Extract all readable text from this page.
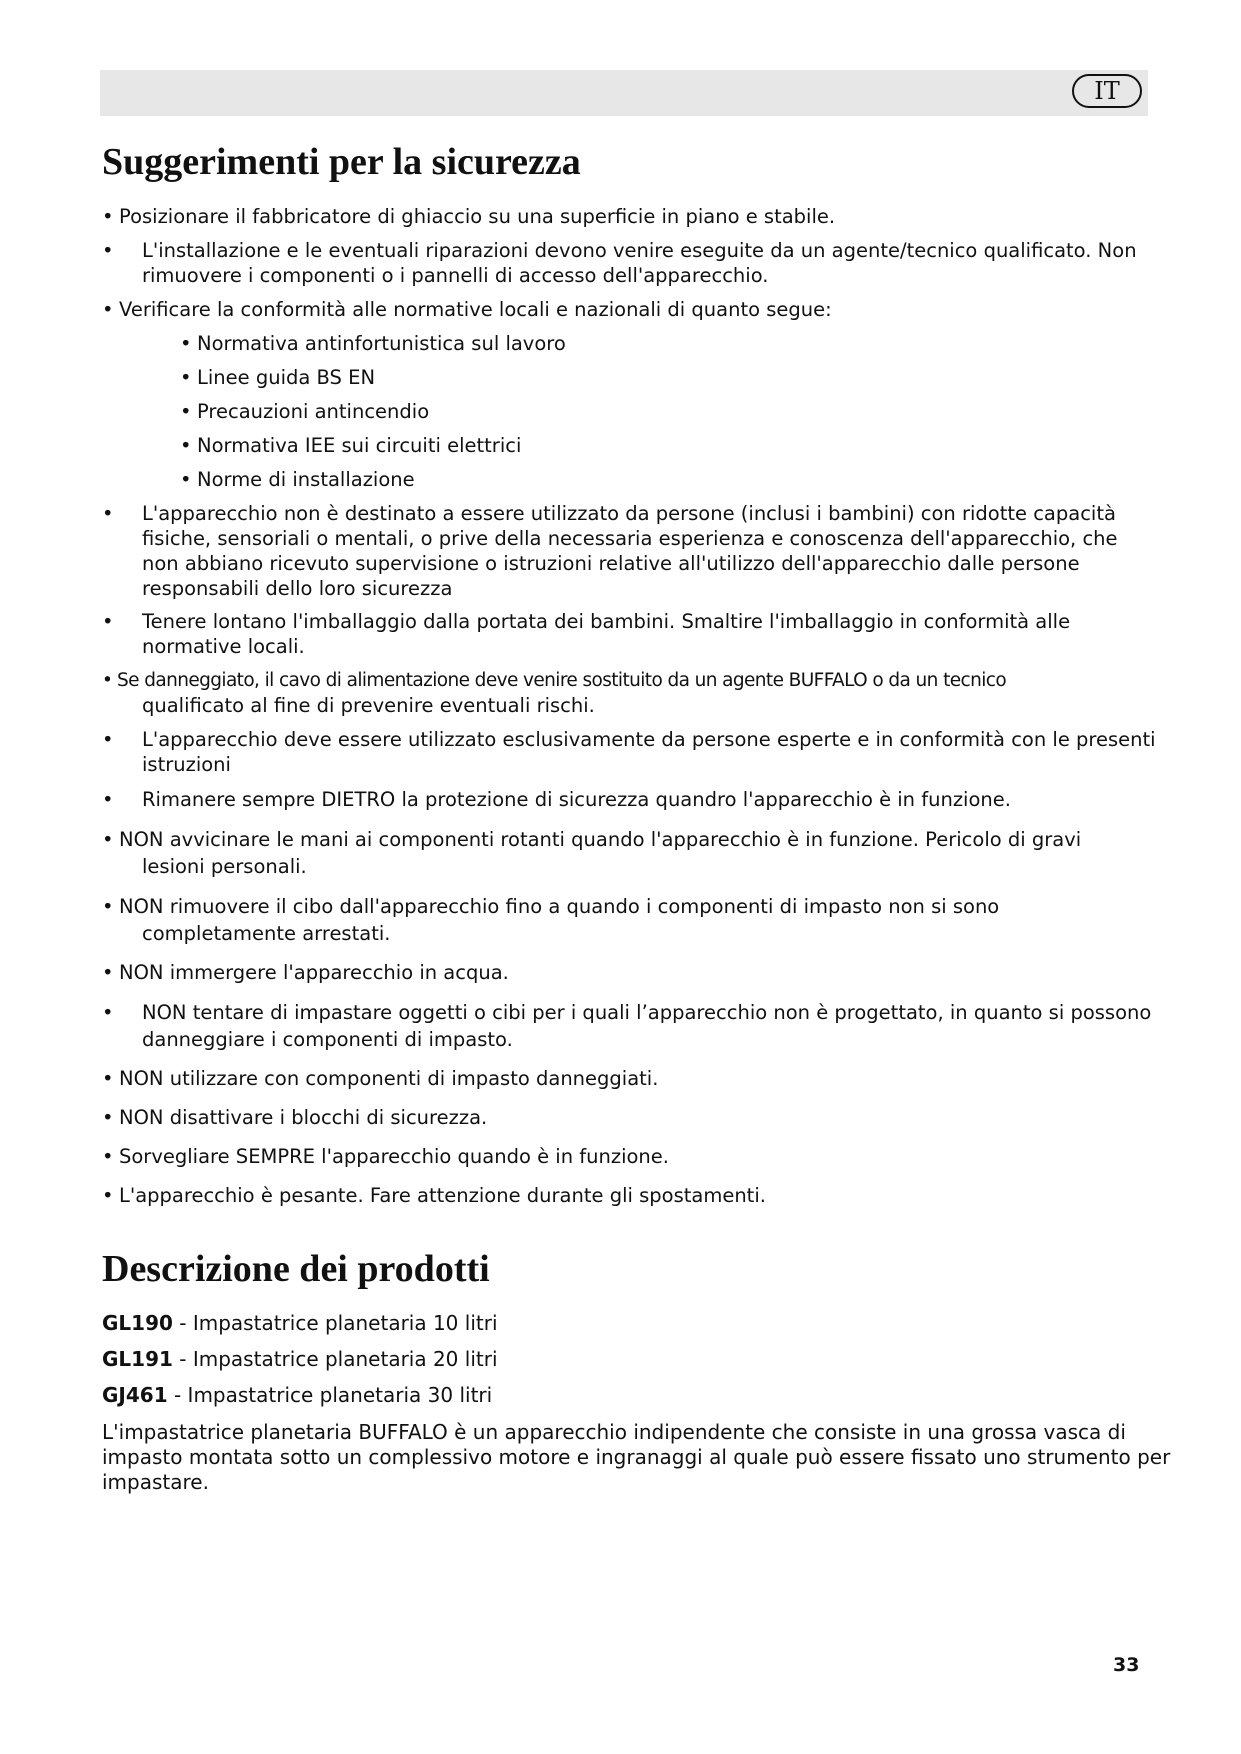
IT
Suggerimenti per la sicurezza
• Posizionare il fabbricatore di ghiaccio su una superficie in piano e stabile.
•	L'installazione e le eventuali riparazioni devono venire eseguite da un agente/tecnico qualificato. Non
rimuovere i componenti o i pannelli di accesso dell'apparecchio.
• Verificare la conformità alle normative locali e nazionali di quanto segue:
• Normativa antinfortunistica sul lavoro
• Linee guida BS EN
• Precauzioni antincendio
• Normativa IEE sui circuiti elettrici
• Norme di installazione
•	L'apparecchio non è destinato a essere utilizzato da persone (inclusi i bambini) con ridotte capacità
fisiche, sensoriali o mentali, o prive della necessaria esperienza e conoscenza dell'apparecchio, che
non abbiano ricevuto supervisione o istruzioni relative all'utilizzo dell'apparecchio dalle persone
responsabili dello loro sicurezza
•	Tenere lontano l'imballaggio dalla portata dei bambini. Smaltire l'imballaggio in conformità alle
normative locali.
• Se danneggiato, il cavo di alimentazione deve venire sostituito da un agente BUFFALO o da un tecnico
qualificato al fine di prevenire eventuali rischi.
•	L'apparecchio deve essere utilizzato esclusivamente da persone esperte e in conformità con le presenti
istruzioni
•	Rimanere sempre DIETRO la protezione di sicurezza quandro l'apparecchio è in funzione.
• NON avvicinare le mani ai componenti rotanti quando l'apparecchio è in funzione. Pericolo di gravi
lesioni personali.
• NON rimuovere il cibo dall'apparecchio fino a quando i componenti di impasto non si sono
completamente arrestati.
• NON immergere l'apparecchio in acqua.
•	NON tentare di impastare oggetti o cibi per i quali l’apparecchio non è progettato, in quanto si possono
danneggiare i componenti di impasto.
• NON utilizzare con componenti di impasto danneggiati.
• NON disattivare i blocchi di sicurezza.
• Sorvegliare SEMPRE l'apparecchio quando è in funzione.
• L'apparecchio è pesante. Fare attenzione durante gli spostamenti.
Descrizione dei prodotti
GL190 - Impastatrice planetaria 10 litri
GL191 - Impastatrice planetaria 20 litri
GJ461 - Impastatrice planetaria 30 litri
L'impastatrice planetaria BUFFALO è un apparecchio indipendente che consiste in una grossa vasca di
impasto montata sotto un complessivo motore e ingranaggi al quale può essere fissato uno strumento per
impastare.
33
